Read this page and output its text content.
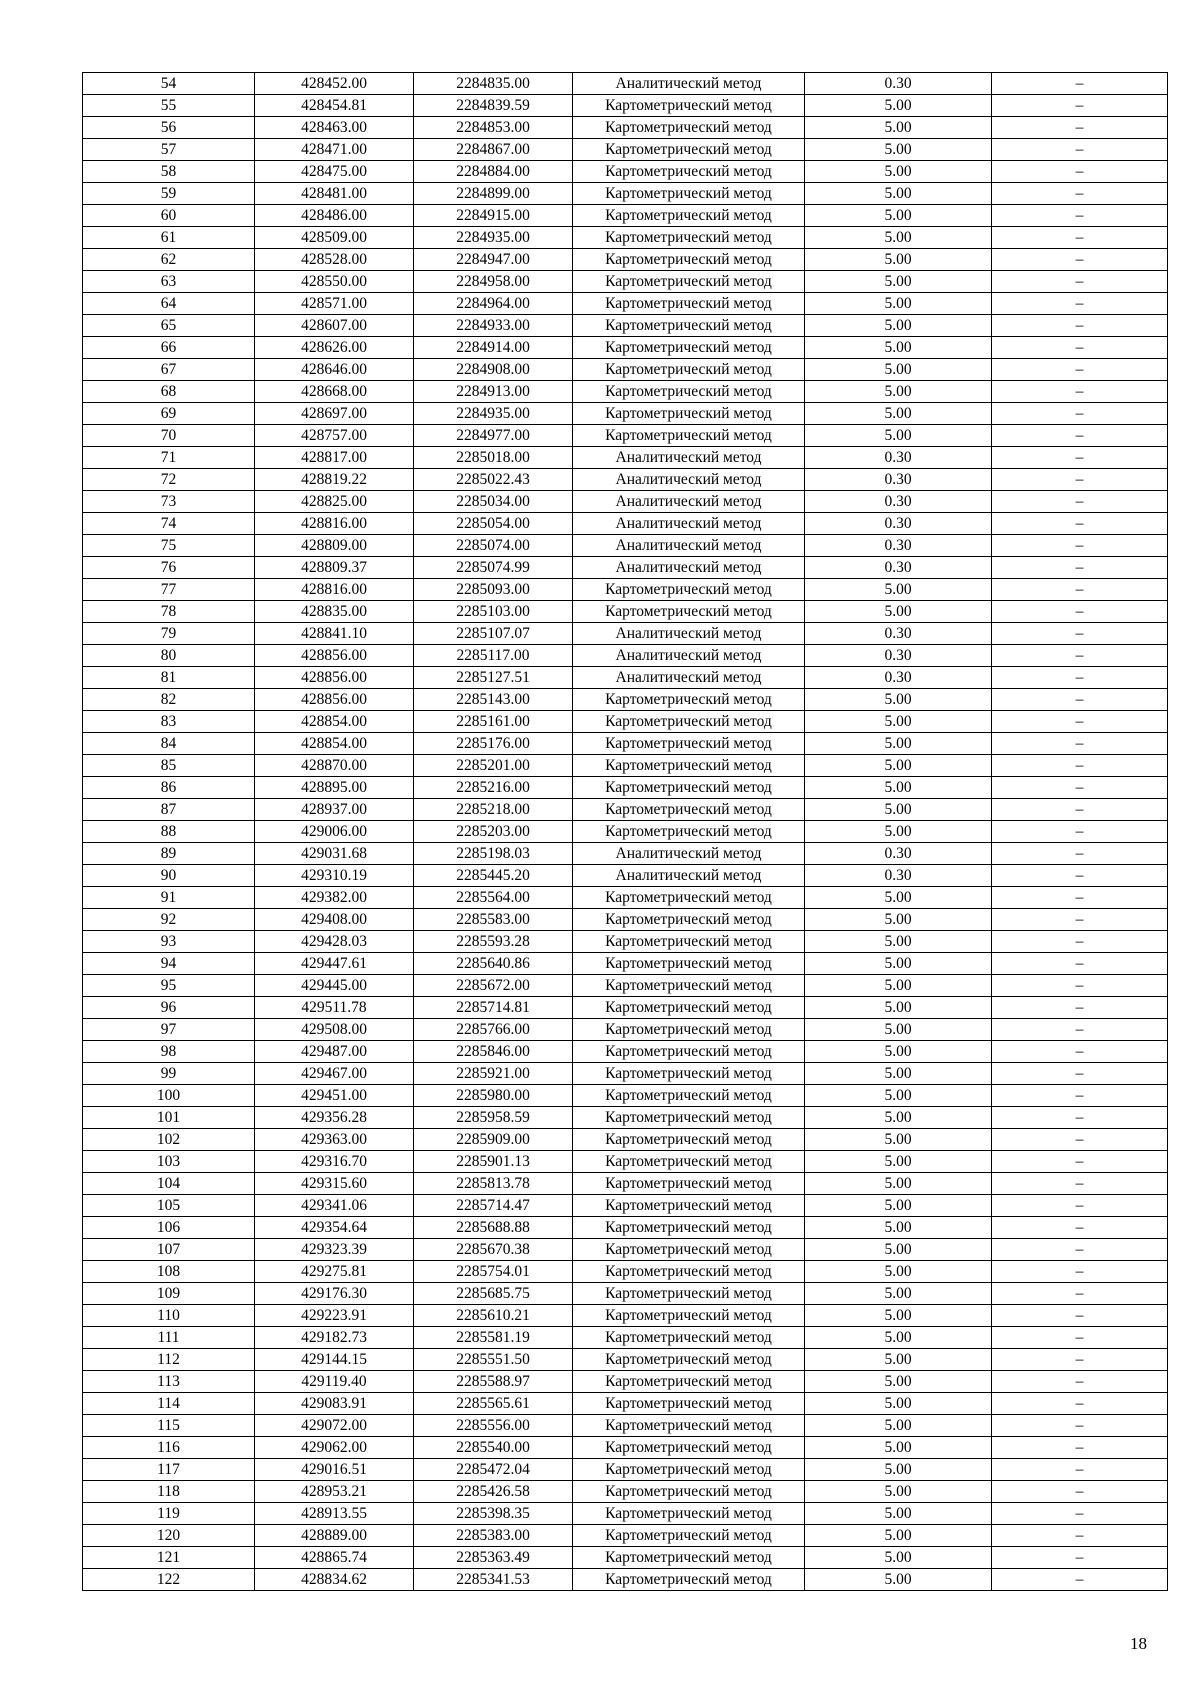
54	428452.00	2284835.00	Аналитический метод	0.30	–
55	428454.81	2284839.59	Картометрический метод	5.00	–
56	428463.00	2284853.00	Картометрический метод	5.00	–
57	428471.00	2284867.00	Картометрический метод	5.00	–
58	428475.00	2284884.00	Картометрический метод	5.00	–
59	428481.00	2284899.00	Картометрический метод	5.00	–
60	428486.00	2284915.00	Картометрический метод	5.00	–
61	428509.00	2284935.00	Картометрический метод	5.00	–
62	428528.00	2284947.00	Картометрический метод	5.00	–
63	428550.00	2284958.00	Картометрический метод	5.00	–
64	428571.00	2284964.00	Картометрический метод	5.00	–
65	428607.00	2284933.00	Картометрический метод	5.00	–
66	428626.00	2284914.00	Картометрический метод	5.00	–
67	428646.00	2284908.00	Картометрический метод	5.00	–
68	428668.00	2284913.00	Картометрический метод	5.00	–
69	428697.00	2284935.00	Картометрический метод	5.00	–
70	428757.00	2284977.00	Картометрический метод	5.00	–
71	428817.00	2285018.00	Аналитический метод	0.30	–
72	428819.22	2285022.43	Аналитический метод	0.30	–
73	428825.00	2285034.00	Аналитический метод	0.30	–
74	428816.00	2285054.00	Аналитический метод	0.30	–
75	428809.00	2285074.00	Аналитический метод	0.30	–
76	428809.37	2285074.99	Аналитический метод	0.30	–
77	428816.00	2285093.00	Картометрический метод	5.00	–
78	428835.00	2285103.00	Картометрический метод	5.00	–
79	428841.10	2285107.07	Аналитический метод	0.30	–
80	428856.00	2285117.00	Аналитический метод	0.30	–
81	428856.00	2285127.51	Аналитический метод	0.30	–
82	428856.00	2285143.00	Картометрический метод	5.00	–
83	428854.00	2285161.00	Картометрический метод	5.00	–
84	428854.00	2285176.00	Картометрический метод	5.00	–
85	428870.00	2285201.00	Картометрический метод	5.00	–
86	428895.00	2285216.00	Картометрический метод	5.00	–
87	428937.00	2285218.00	Картометрический метод	5.00	–
88	429006.00	2285203.00	Картометрический метод	5.00	–
89	429031.68	2285198.03	Аналитический метод	0.30	–
90	429310.19	2285445.20	Аналитический метод	0.30	–
91	429382.00	2285564.00	Картометрический метод	5.00	–
92	429408.00	2285583.00	Картометрический метод	5.00	–
93	429428.03	2285593.28	Картометрический метод	5.00	–
94	429447.61	2285640.86	Картометрический метод	5.00	–
95	429445.00	2285672.00	Картометрический метод	5.00	–
96	429511.78	2285714.81	Картометрический метод	5.00	–
97	429508.00	2285766.00	Картометрический метод	5.00	–
98	429487.00	2285846.00	Картометрический метод	5.00	–
99	429467.00	2285921.00	Картометрический метод	5.00	–
100	429451.00	2285980.00	Картометрический метод	5.00	–
101	429356.28	2285958.59	Картометрический метод	5.00	–
102	429363.00	2285909.00	Картометрический метод	5.00	–
103	429316.70	2285901.13	Картометрический метод	5.00	–
104	429315.60	2285813.78	Картометрический метод	5.00	–
105	429341.06	2285714.47	Картометрический метод	5.00	–
106	429354.64	2285688.88	Картометрический метод	5.00	–
107	429323.39	2285670.38	Картометрический метод	5.00	–
108	429275.81	2285754.01	Картометрический метод	5.00	–
109	429176.30	2285685.75	Картометрический метод	5.00	–
110	429223.91	2285610.21	Картометрический метод	5.00	–
111	429182.73	2285581.19	Картометрический метод	5.00	–
112	429144.15	2285551.50	Картометрический метод	5.00	–
113	429119.40	2285588.97	Картометрический метод	5.00	–
114	429083.91	2285565.61	Картометрический метод	5.00	–
115	429072.00	2285556.00	Картометрический метод	5.00	–
116	429062.00	2285540.00	Картометрический метод	5.00	–
117	429016.51	2285472.04	Картометрический метод	5.00	–
118	428953.21	2285426.58	Картометрический метод	5.00	–
119	428913.55	2285398.35	Картометрический метод	5.00	–
120	428889.00	2285383.00	Картометрический метод	5.00	–
121	428865.74	2285363.49	Картометрический метод	5.00	–
122	428834.62	2285341.53	Картометрический метод	5.00	–
18
